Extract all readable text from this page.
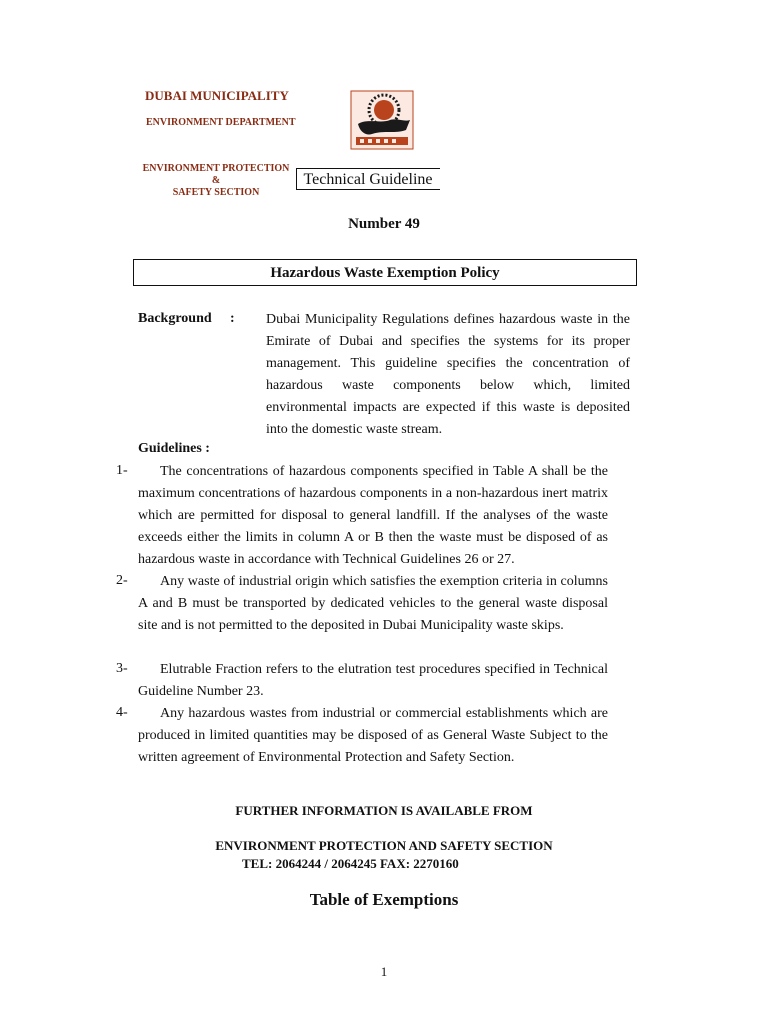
DUBAI MUNICIPALITY
ENVIRONMENT DEPARTMENT
ENVIRONMENT PROTECTION &
SAFETY SECTION
Technical Guideline
Number 49
Hazardous Waste Exemption Policy
Background : Dubai Municipality Regulations defines hazardous waste in the Emirate of Dubai and specifies the systems for its proper management. This guideline specifies the concentration of hazardous waste components below which, limited environmental impacts are expected if this waste is deposited into the domestic waste stream.

Guidelines :
1-	The concentrations of hazardous components specified in Table A shall be the maximum concentrations of hazardous components in a non-hazardous inert matrix which are permitted for disposal to general landfill. If the analyses of the waste exceeds either the limits in column A or B then the waste must be disposed of as hazardous waste in accordance with Technical Guidelines 26 or 27.

2-	Any waste of industrial origin which satisfies the exemption criteria in columns A and B must be transported by dedicated vehicles to the general waste disposal site and is not permitted to the deposited in Dubai Municipality waste skips.

3-	Elutrable Fraction refers to the elutration test procedures specified in Technical Guideline Number 23.

4-	Any hazardous wastes from industrial or commercial establishments which are produced in limited quantities may be disposed of as General Waste Subject to the written agreement of Environmental Protection and Safety Section.

FURTHER INFORMATION IS AVAILABLE FROM
ENVIRONMENT PROTECTION AND SAFETY SECTION
TEL: 2064244 / 2064245 FAX: 2270160
Table of Exemptions
1
